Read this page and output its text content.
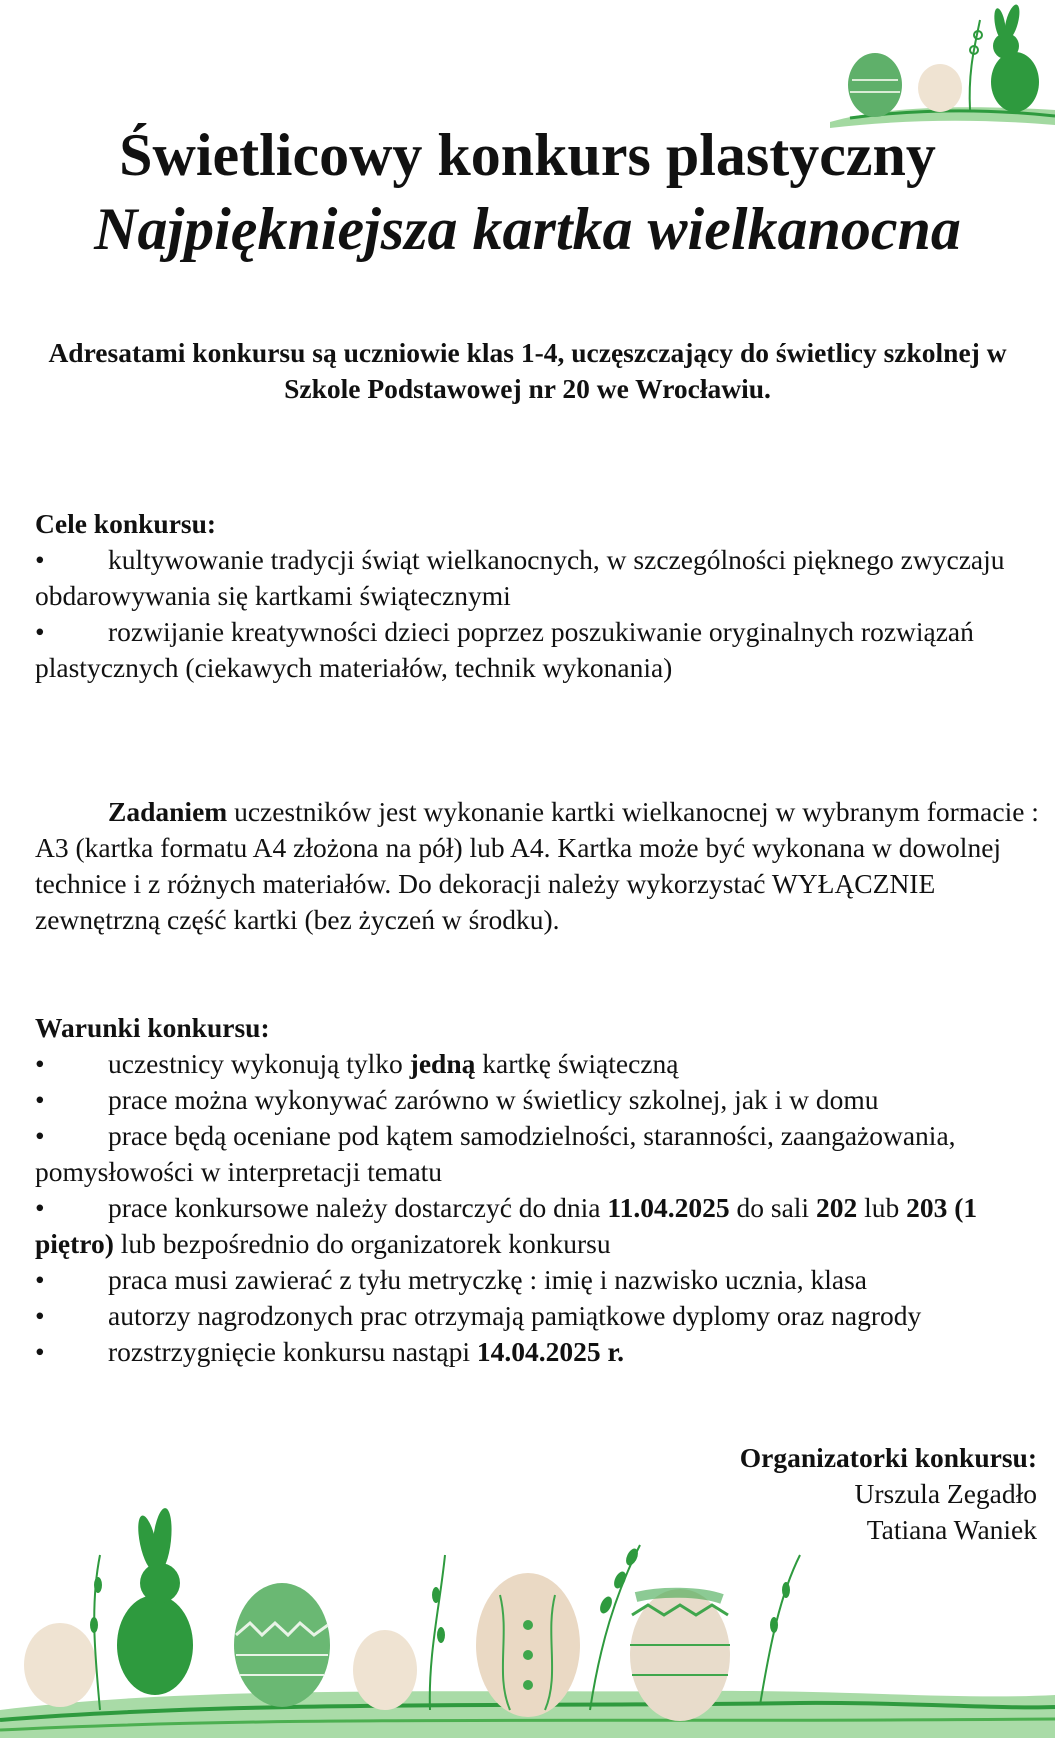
Świetlicowy konkurs plastyczny
Najpiękniejsza kartka wielkanocna
Adresatami konkursu są uczniowie klas 1-4, uczęszczający do świetlicy szkolnej w Szkole Podstawowej nr 20 we Wrocławiu.
Cele konkursu:
• kultywowanie tradycji świąt wielkanocnych, w szczególności pięknego zwyczaju obdarowywania się kartkami świątecznymi
• rozwijanie kreatywności dzieci poprzez poszukiwanie oryginalnych rozwiązań plastycznych (ciekawych materiałów, technik wykonania)
Zadaniem uczestników jest wykonanie kartki wielkanocnej w wybranym formacie : A3 (kartka formatu A4 złożona na pół) lub A4. Kartka może być wykonana w dowolnej technice i z różnych materiałów. Do dekoracji należy wykorzystać WYŁĄCZNIE zewnętrzną część kartki (bez życzeń w środku).
Warunki konkursu:
• uczestnicy wykonują tylko jedną kartkę świąteczną
• prace można wykonywać zarówno w świetlicy szkolnej, jak i w domu
• prace będą oceniane pod kątem samodzielności, staranności, zaangażowania, pomysłowości w interpretacji tematu
• prace konkursowe należy dostarczyć do dnia 11.04.2025 do sali 202 lub 203 (1 piętro) lub bezpośrednio do organizatorek konkursu
• praca musi zawierać z tyłu metryczkę : imię i nazwisko ucznia, klasa
• autorzy nagrodzonych prac otrzymają pamiątkowe dyplomy oraz nagrody
• rozstrzygnięcie konkursu nastąpi 14.04.2025 r.
Organizatorki konkursu:
Urszula Zegadło
Tatiana Waniek
